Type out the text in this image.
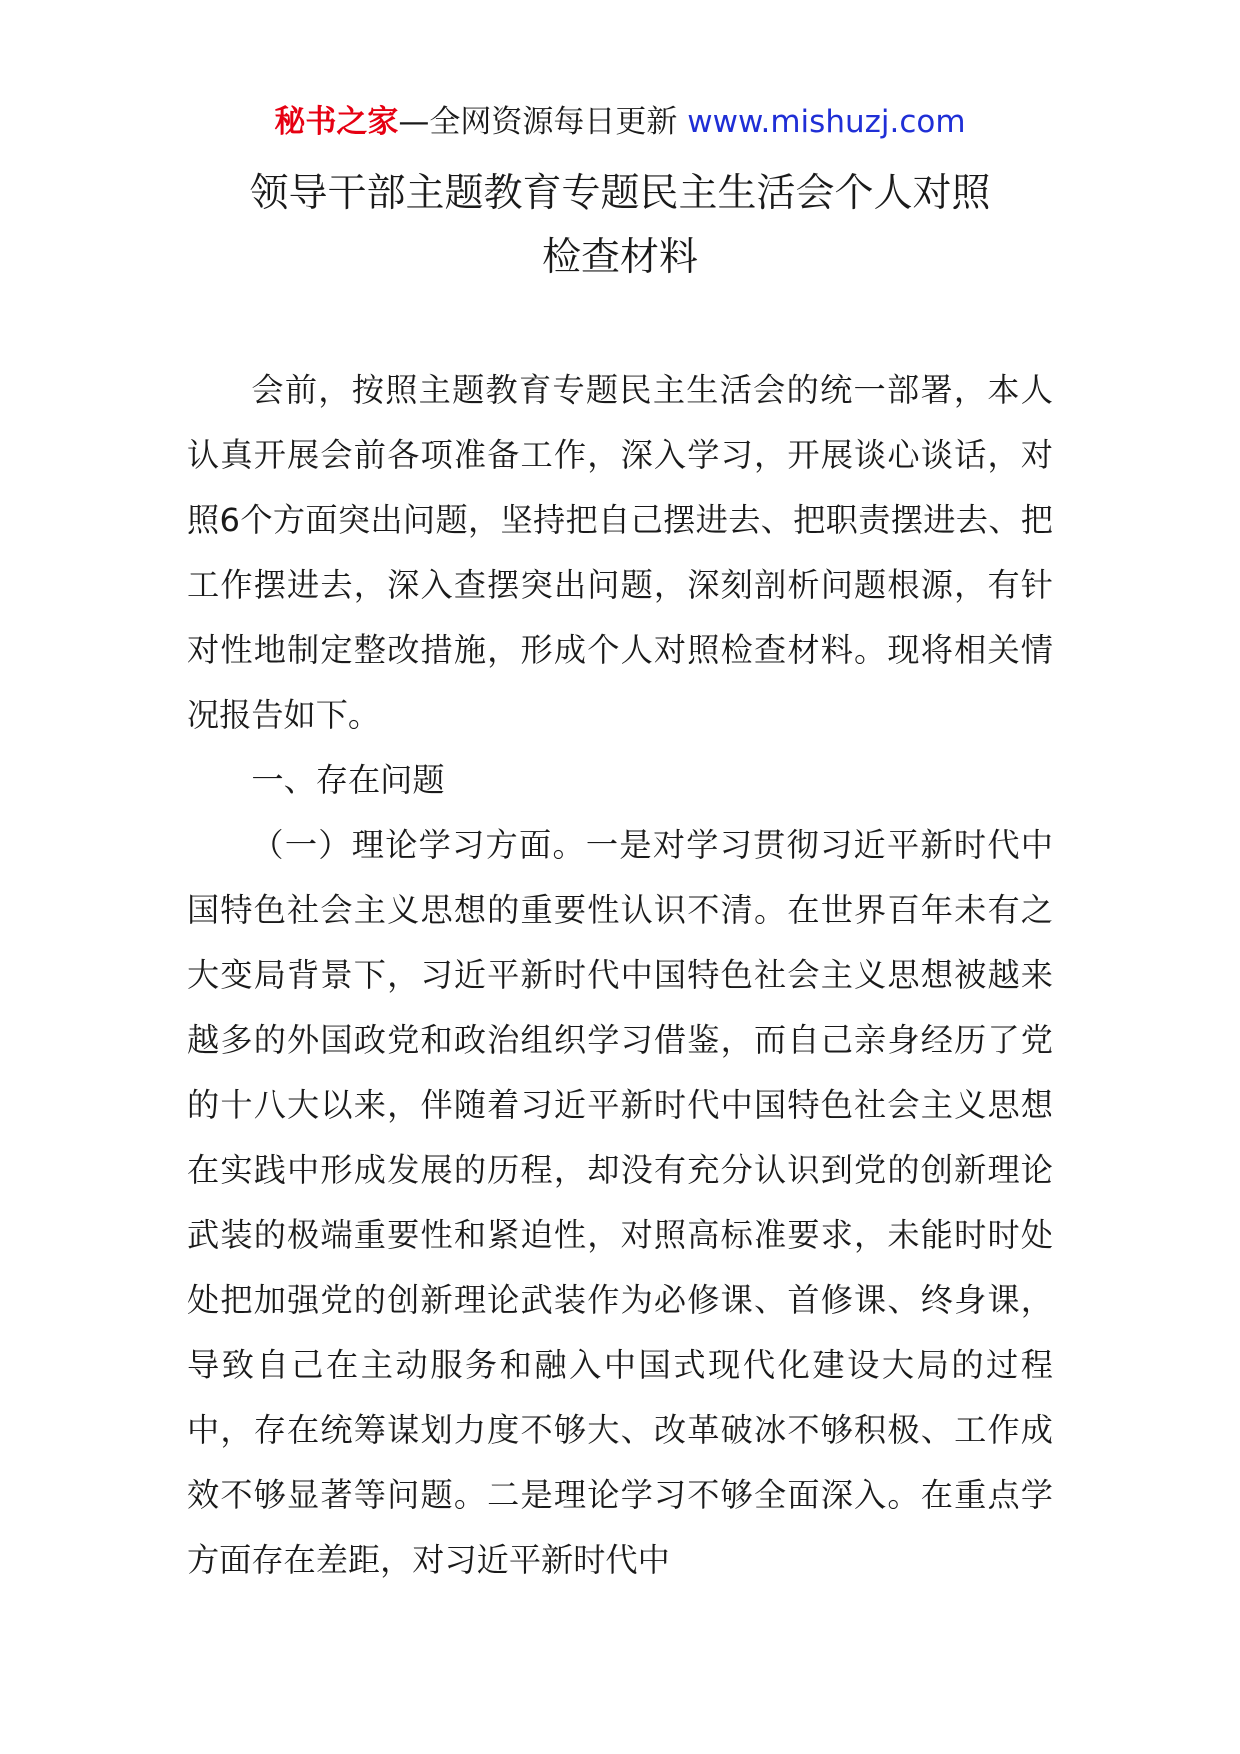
秘书之家—全网资源每日更新 www.mishuzj.com
领导干部主题教育专题民主生活会个人对照
检查材料

会前，按照主题教育专题民主生活会的统一部署，本人认真开展会前各项准备工作，深入学习，开展谈心谈话，对照6个方面突出问题，坚持把自己摆进去、把职责摆进去、把工作摆进去，深入查摆突出问题，深刻剖析问题根源，有针对性地制定整改措施，形成个人对照检查材料。现将相关情况报告如下。

一、存在问题

（一）理论学习方面。一是对学习贯彻习近平新时代中国特色社会主义思想的重要性认识不清。在世界百年未有之大变局背景下，习近平新时代中国特色社会主义思想被越来越多的外国政党和政治组织学习借鉴，而自己亲身经历了党的十八大以来，伴随着习近平新时代中国特色社会主义思想在实践中形成发展的历程，却没有充分认识到党的创新理论武装的极端重要性和紧迫性，对照高标准要求，未能时时处处把加强党的创新理论武装作为必修课、首修课、终身课，导致自己在主动服务和融入中国式现代化建设大局的过程中，存在统筹谋划力度不够大、改革破冰不够积极、工作成效不够显著等问题。二是理论学习不够全面深入。在重点学方面存在差距，对习近平新时代中
